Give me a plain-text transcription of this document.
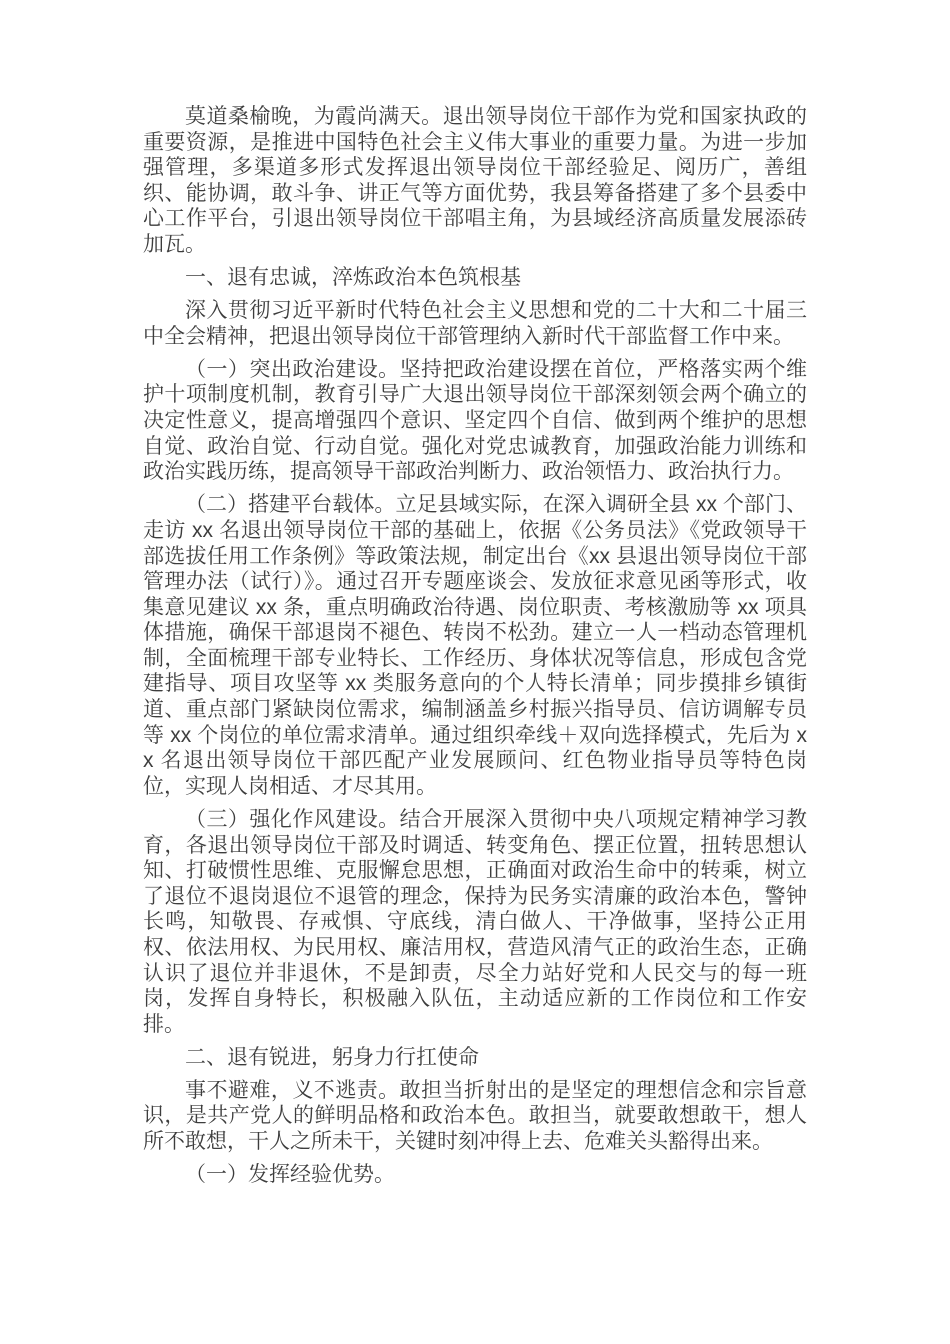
莫道桑榆晚，为霞尚满天。退出领导岗位干部作为党和国家执政的重要资源，是推进中国特色社会主义伟大事业的重要力量。为进一步加强管理，多渠道多形式发挥退出领导岗位干部经验足、阅历广，善组织、能协调，敢斗争、讲正气等方面优势，我县筹备搭建了多个县委中心工作平台，引退出领导岗位干部唱主角，为县域经济高质量发展添砖加瓦。

一、退有忠诚，淬炼政治本色筑根基

深入贯彻习近平新时代特色社会主义思想和党的二十大和二十届三中全会精神，把退出领导岗位干部管理纳入新时代干部监督工作中来。

（一）突出政治建设。坚持把政治建设摆在首位，严格落实两个维护十项制度机制，教育引导广大退出领导岗位干部深刻领会两个确立的决定性意义，提高增强四个意识、坚定四个自信、做到两个维护的思想自觉、政治自觉、行动自觉。强化对党忠诚教育，加强政治能力训练和政治实践历练，提高领导干部政治判断力、政治领悟力、政治执行力。

（二）搭建平台载体。立足县域实际，在深入调研全县 xx 个部门、走访 xx 名退出领导岗位干部的基础上，依据《公务员法》《党政领导干部选拔任用工作条例》等政策法规，制定出台《xx 县退出领导岗位干部管理办法（试行）》。通过召开专题座谈会、发放征求意见函等形式，收集意见建议 xx 条，重点明确政治待遇、岗位职责、考核激励等 xx 项具体措施，确保干部退岗不褪色、转岗不松劲。建立一人一档动态管理机制，全面梳理干部专业特长、工作经历、身体状况等信息，形成包含党建指导、项目攻坚等 xx 类服务意向的个人特长清单；同步摸排乡镇街道、重点部门紧缺岗位需求，编制涵盖乡村振兴指导员、信访调解专员等 xx 个岗位的单位需求清单。通过组织牵线＋双向选择模式，先后为 xx 名退出领导岗位干部匹配产业发展顾问、红色物业指导员等特色岗位，实现人岗相适、才尽其用。

（三）强化作风建设。结合开展深入贯彻中央八项规定精神学习教育，各退出领导岗位干部及时调适、转变角色、摆正位置，扭转思想认知、打破惯性思维、克服懈怠思想，正确面对政治生命中的转乘，树立了退位不退岗退位不退管的理念，保持为民务实清廉的政治本色，警钟长鸣，知敬畏、存戒惧、守底线，清白做人、干净做事，坚持公正用权、依法用权、为民用权、廉洁用权，营造风清气正的政治生态，正确认识了退位并非退休，不是卸责，尽全力站好党和人民交与的每一班岗，发挥自身特长，积极融入队伍，主动适应新的工作岗位和工作安排。

二、退有锐进，躬身力行扛使命

事不避难，义不逃责。敢担当折射出的是坚定的理想信念和宗旨意识，是共产党人的鲜明品格和政治本色。敢担当，就要敢想敢干，想人所不敢想，干人之所未干，关键时刻冲得上去、危难关头豁得出来。

（一）发挥经验优势。
